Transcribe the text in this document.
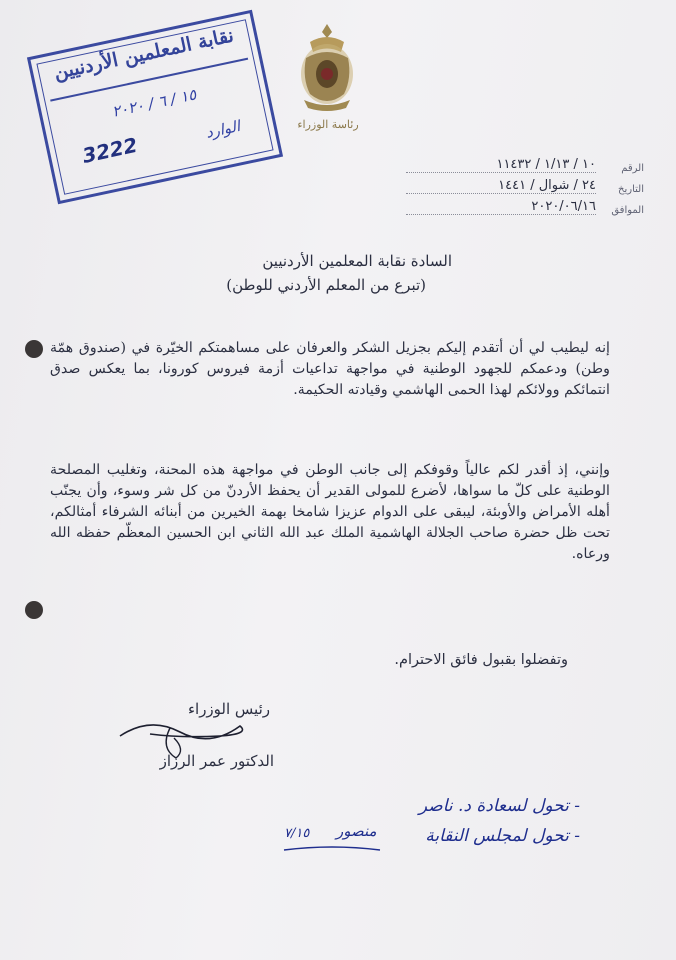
رئاسة الوزراء
نقابة المعلمين الأردنيين
١٥ / ٦ / ٢٠٢٠
3222
الوارد
الرقم
١٠ / ١/١٣ / ١١٤٣٢
التاريخ
٢٤ / شوال / ١٤٤١
الموافق
٢٠٢٠/٠٦/١٦
السادة نقابة المعلمين الأردنيين
(تبرع من المعلم الأردني للوطن)
إنه ليطيب لي أن أتقدم إليكم بجزيل الشكر والعرفان على مساهمتكم الخيّرة في (صندوق همّة وطن) ودعمكم للجهود الوطنية في مواجهة تداعيات أزمة فيروس كورونا، بما يعكس صدق انتمائكم وولائكم لهذا الحمى الهاشمي وقيادته الحكيمة.
وإنني، إذ أقدر لكم عالياً وقوفكم إلى جانب الوطن في مواجهة هذه المحنة، وتغليب المصلحة الوطنية على كلّ ما سواها، لأضرع للمولى القدير أن يحفظ الأردنّ من كل شر وسوء، وأن يجنّب أهله الأمراض والأوبئة، ليبقى على الدوام عزيزا شامخا بهمة الخيرين من أبنائه الشرفاء أمثالكم، تحت ظل حضرة صاحب الجلالة الهاشمية الملك عبد الله الثاني ابن الحسين المعظّم حفظه الله ورعاه.
وتفضلوا بقبول فائق الاحترام.
رئيس الوزراء
الدكتور عمر الرزاز
- تحول لسعادة د. ناصر
- تحول لمجلس النقابة
منصور
٧/١٥
